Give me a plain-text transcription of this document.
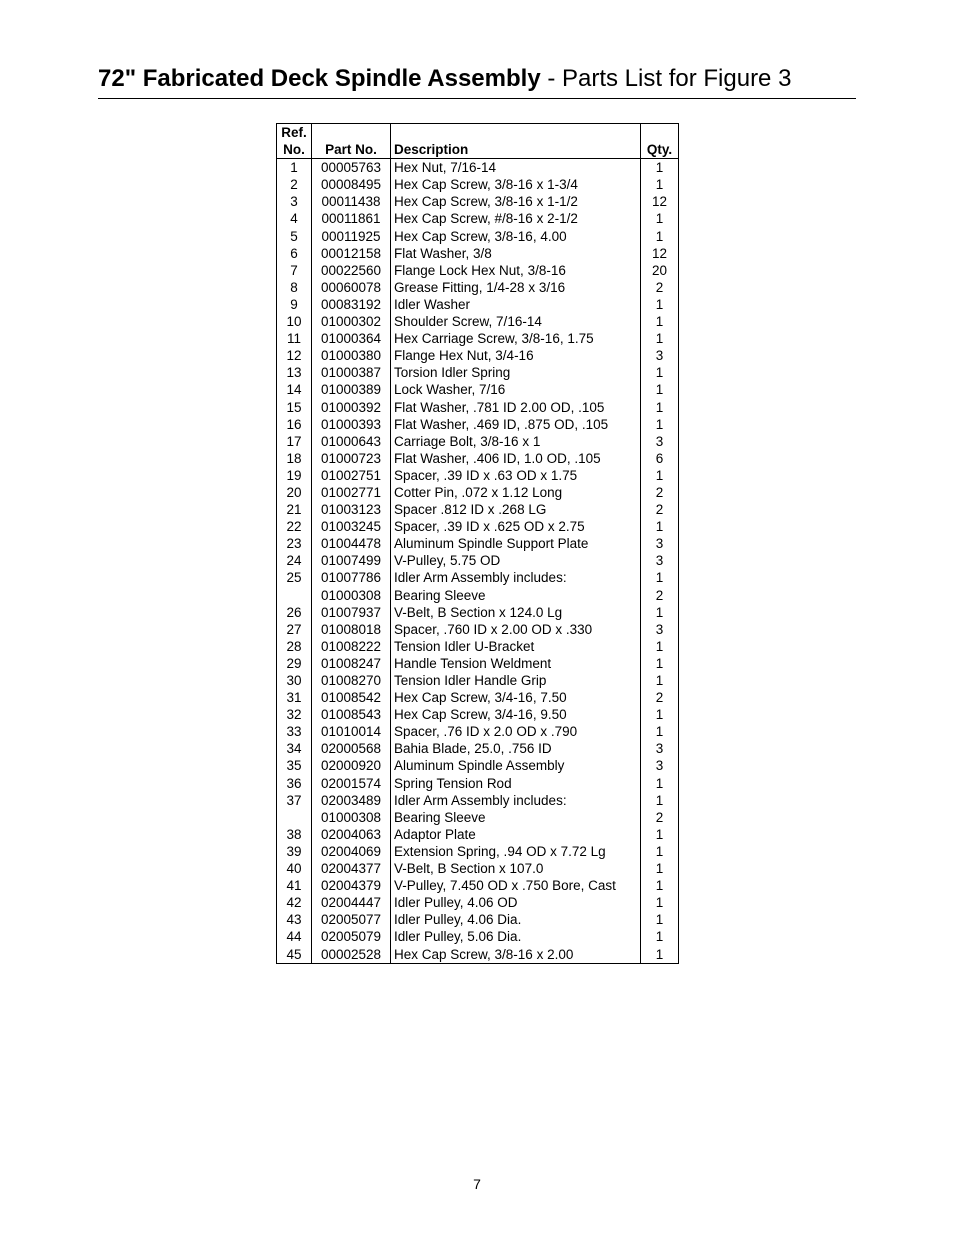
72" Fabricated Deck Spindle Assembly - Parts List for Figure 3
Ref.
No.	Part No.	Description	Qty.
1	00005763	Hex Nut, 7/16-14	1
2	00008495	Hex Cap Screw, 3/8-16 x 1-3/4	1
3	00011438	Hex Cap Screw, 3/8-16 x 1-1/2	12
4	00011861	Hex Cap Screw, #/8-16 x 2-1/2	1
5	00011925	Hex Cap Screw, 3/8-16, 4.00	1
6	00012158	Flat Washer, 3/8	12
7	00022560	Flange Lock Hex Nut, 3/8-16	20
8	00060078	Grease Fitting, 1/4-28 x 3/16	2
9	00083192	Idler Washer	1
10	01000302	Shoulder Screw, 7/16-14	1
11	01000364	Hex Carriage Screw, 3/8-16, 1.75	1
12	01000380	Flange Hex Nut, 3/4-16	3
13	01000387	Torsion Idler Spring	1
14	01000389	Lock Washer, 7/16	1
15	01000392	Flat Washer, .781 ID 2.00 OD, .105	1
16	01000393	Flat Washer, .469 ID, .875 OD, .105	1
17	01000643	Carriage Bolt, 3/8-16 x 1	3
18	01000723	Flat Washer, .406 ID, 1.0 OD, .105	6
19	01002751	Spacer, .39 ID x .63 OD x 1.75	1
20	01002771	Cotter Pin, .072 x 1.12 Long	2
21	01003123	Spacer .812 ID x .268 LG	2
22	01003245	Spacer, .39 ID x .625 OD x 2.75	1
23	01004478	Aluminum Spindle Support Plate	3
24	01007499	V-Pulley, 5.75 OD	3
25	01007786	Idler Arm Assembly includes:	1
	01000308	Bearing Sleeve	2
26	01007937	V-Belt, B Section x 124.0 Lg	1
27	01008018	Spacer, .760 ID x 2.00 OD x .330	3
28	01008222	Tension Idler U-Bracket	1
29	01008247	Handle Tension Weldment	1
30	01008270	Tension Idler Handle Grip	1
31	01008542	Hex Cap Screw, 3/4-16, 7.50	2
32	01008543	Hex Cap Screw, 3/4-16, 9.50	1
33	01010014	Spacer, .76 ID x 2.0 OD x .790	1
34	02000568	Bahia Blade, 25.0, .756 ID	3
35	02000920	Aluminum Spindle Assembly	3
36	02001574	Spring Tension Rod	1
37	02003489	Idler Arm Assembly includes:	1
	01000308	Bearing Sleeve	2
38	02004063	Adaptor Plate	1
39	02004069	Extension Spring, .94 OD x 7.72 Lg	1
40	02004377	V-Belt, B Section x 107.0	1
41	02004379	V-Pulley, 7.450 OD x .750 Bore, Cast	1
42	02004447	Idler Pulley, 4.06 OD	1
43	02005077	Idler Pulley, 4.06 Dia.	1
44	02005079	Idler Pulley, 5.06 Dia.	1
45	00002528	Hex Cap Screw, 3/8-16 x 2.00	1
7
